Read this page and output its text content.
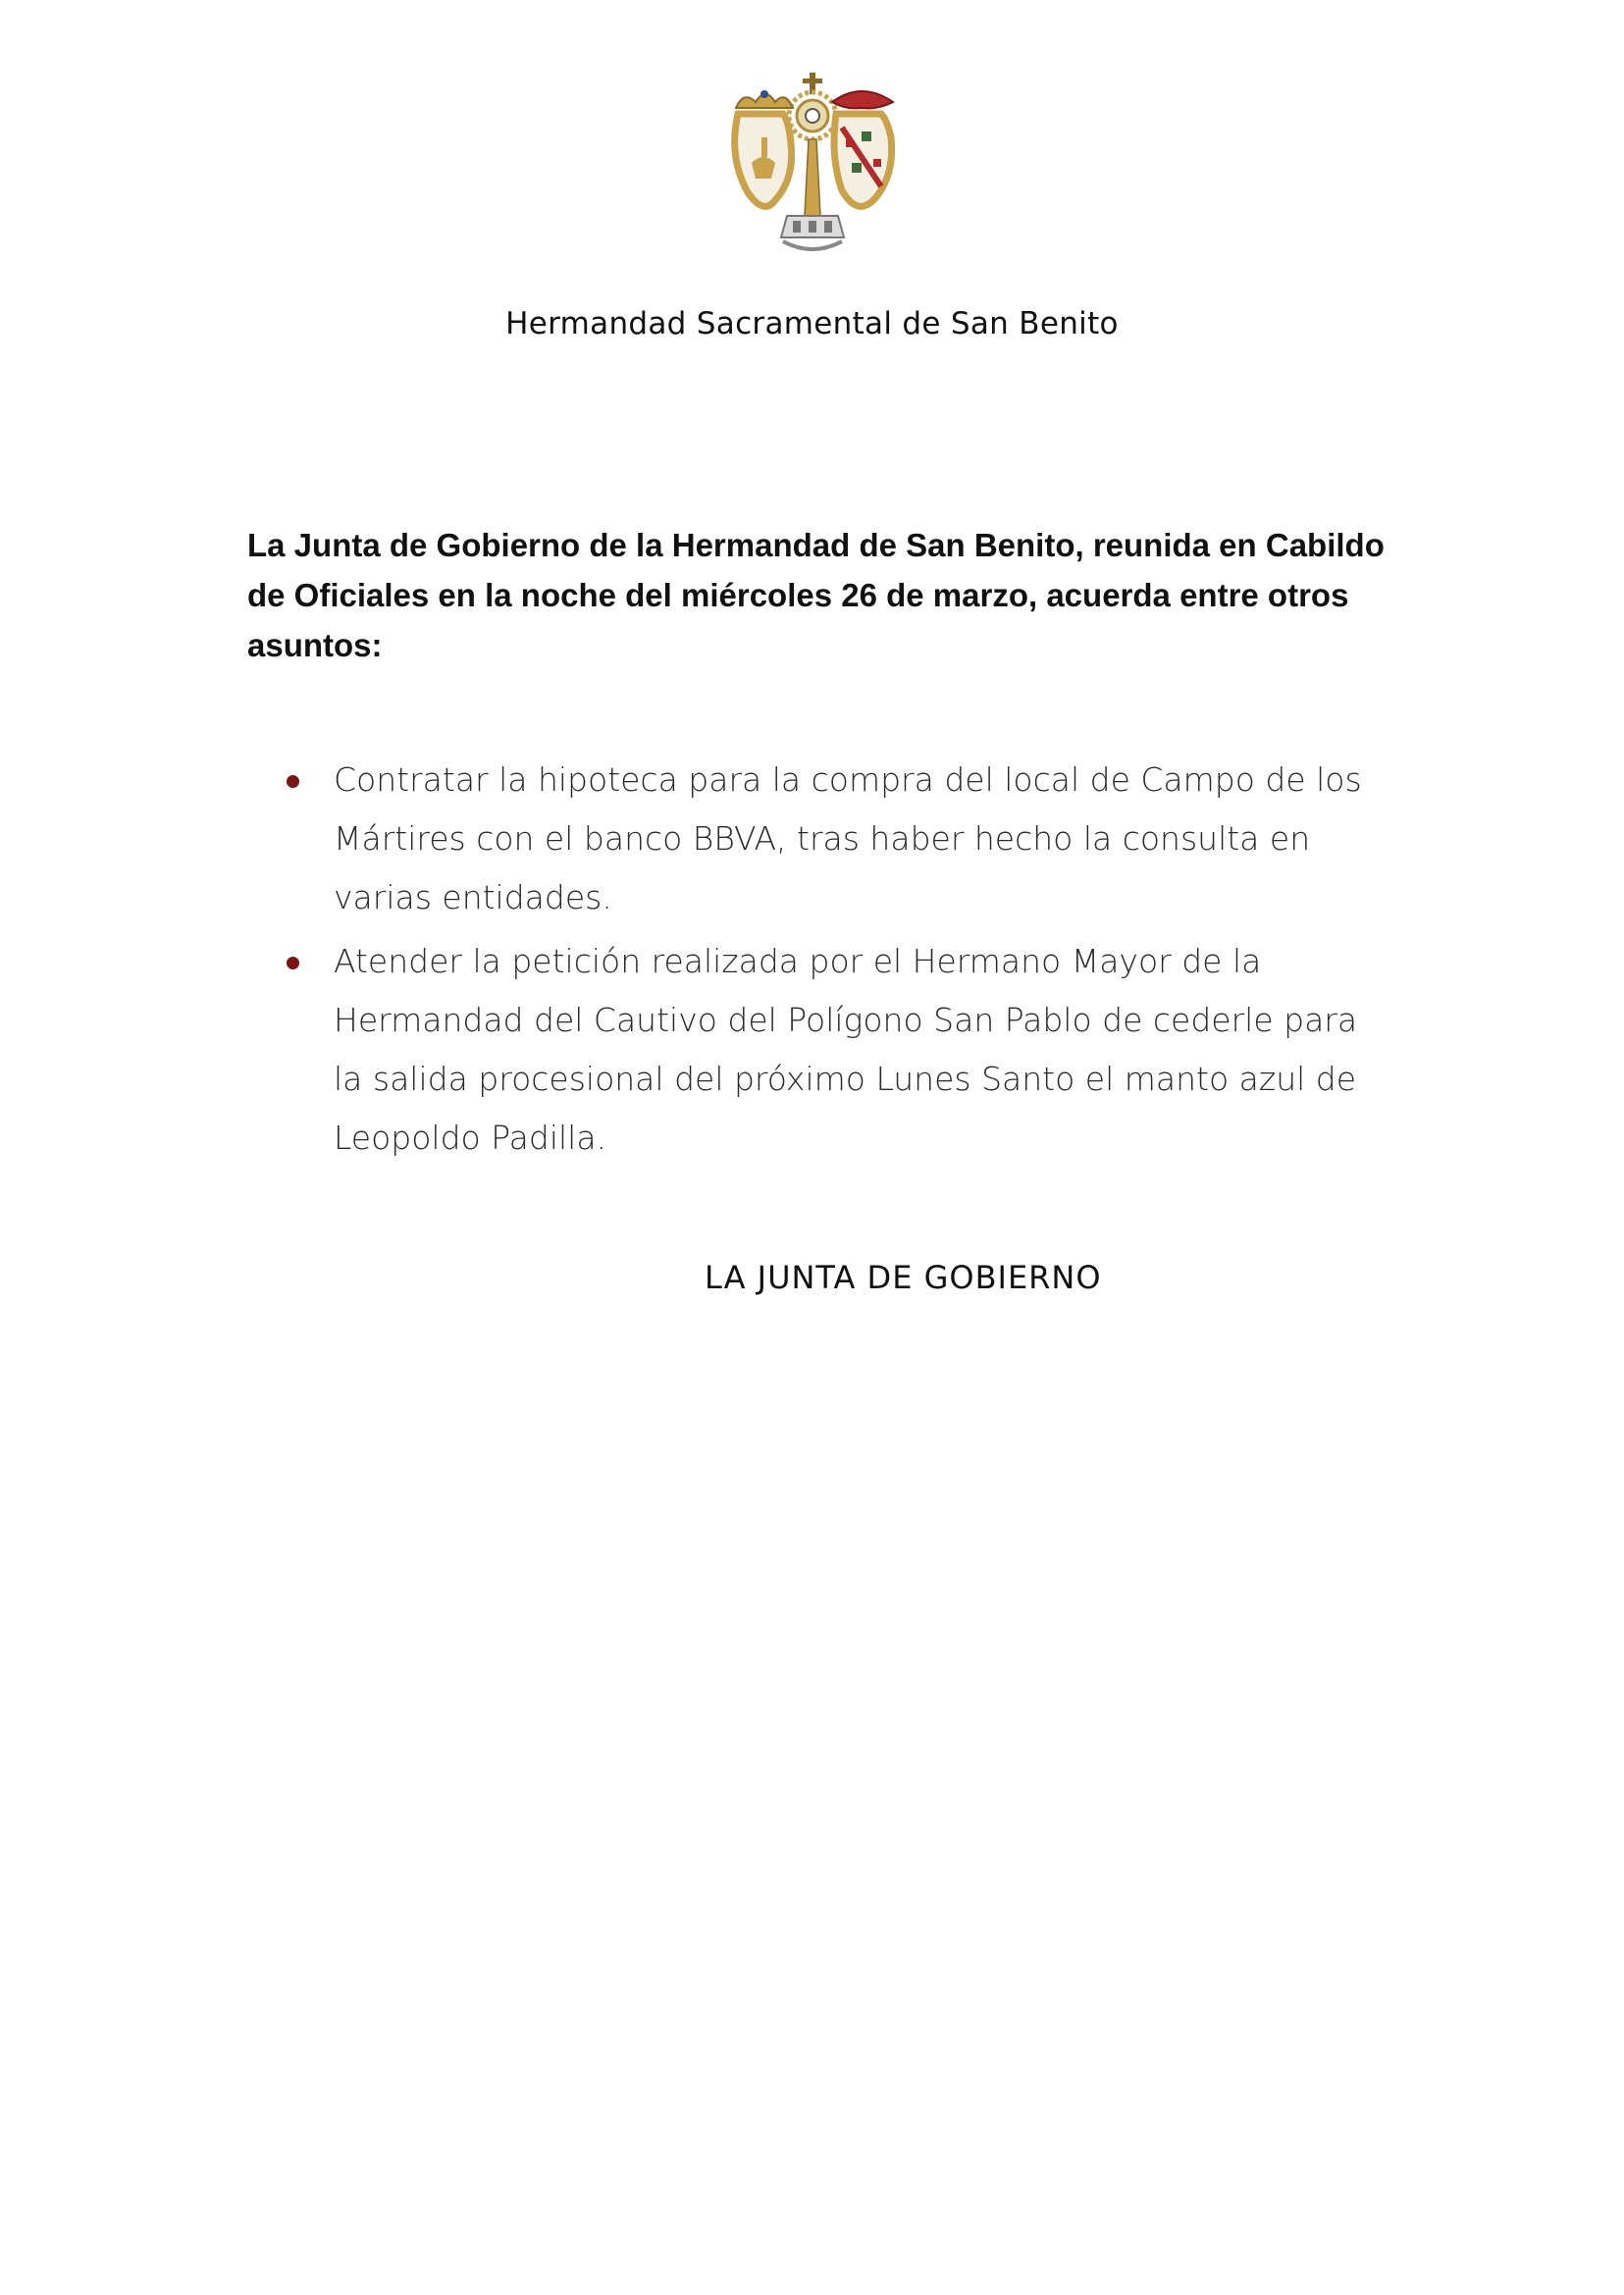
Hermandad Sacramental de San Benito

La Junta de Gobierno de la Hermandad de San Benito, reunida en Cabildo de Oficiales en la noche del miércoles 26 de marzo, acuerda entre otros asuntos:

Contratar la hipoteca para la compra del local de Campo de los Mártires con el banco BBVA, tras haber hecho la consulta en varias entidades.
Atender la petición realizada por el Hermano Mayor de la Hermandad del Cautivo del Polígono San Pablo de cederle para la salida procesional del próximo Lunes Santo el manto azul de Leopoldo Padilla.
LA JUNTA DE GOBIERNO
